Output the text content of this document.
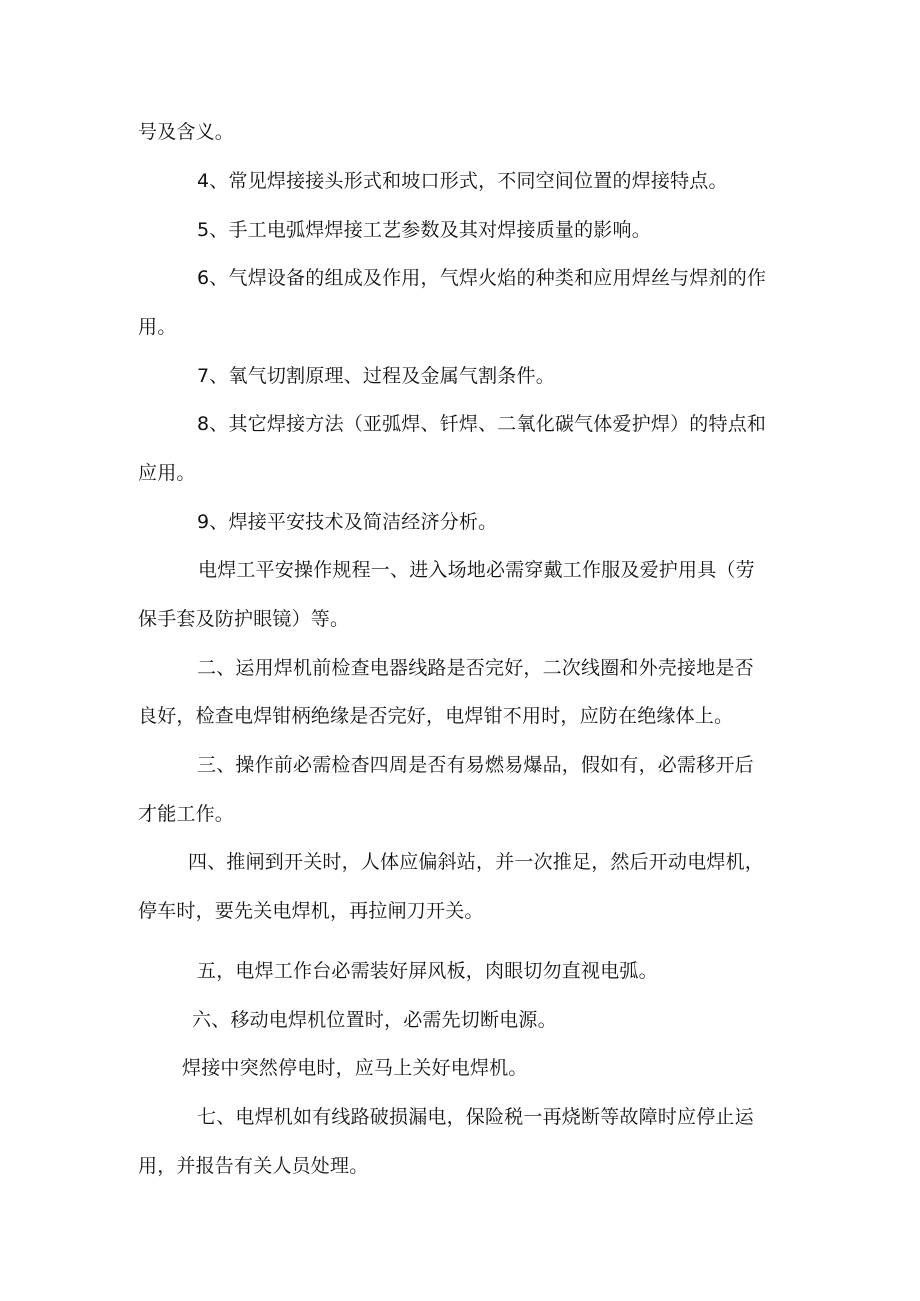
号及含义。

4、常见焊接接头形式和坡口形式，不同空间位置的焊接特点。

5、手工电弧焊焊接工艺参数及其对焊接质量的影响。

6、气焊设备的组成及作用，气焊火焰的种类和应用焊丝与焊剂的作

用。

7、氧气切割原理、过程及金属气割条件。

8、其它焊接方法（亚弧焊、钎焊、二氧化碳气体爱护焊）的特点和

应用。

9、焊接平安技术及简洁经济分析。

电焊工平安操作规程一、进入场地必需穿戴工作服及爱护用具（劳

保手套及防护眼镜）等。

二、运用焊机前检查电器线路是否完好，二次线圈和外壳接地是否

良好，检查电焊钳柄绝缘是否完好，电焊钳不用时，应防在绝缘体上。

三、操作前必需检杳四周是否有易燃易爆品，假如有，必需移开后

才能工作。

四、推闸到开关时，人体应偏斜站，并一次推足，然后开动电焊机，

停车时，要先关电焊机，再拉闸刀开关。

五，电焊工作台必需装好屏风板，肉眼切勿直视电弧。

六、移动电焊机位置时，必需先切断电源。

焊接中突然停电时，应马上关好电焊机。

七、电焊机如有线路破损漏电，保险税一再烧断等故障时应停止运

用，并报告有关人员处理。
